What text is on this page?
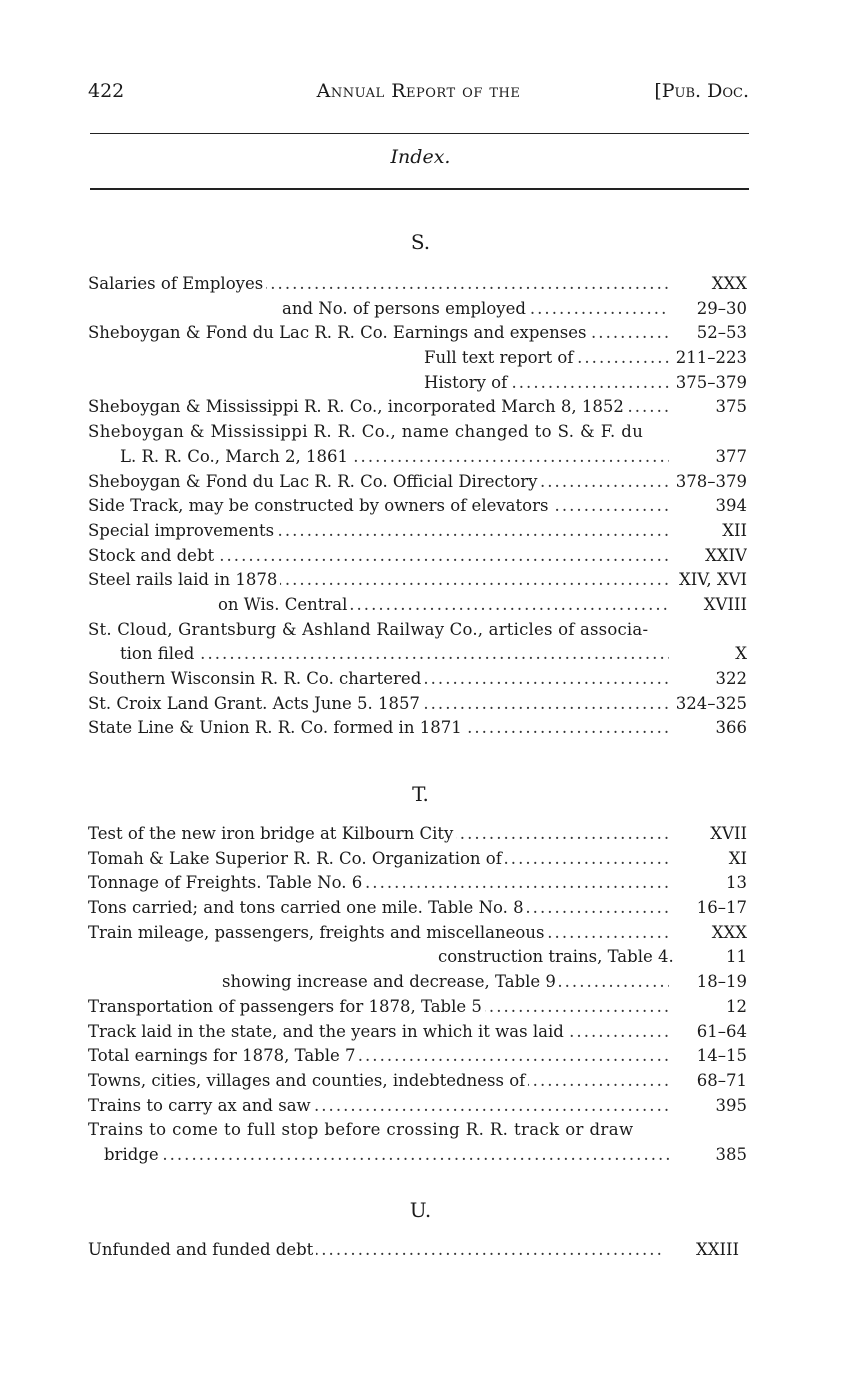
422	Annual Report of the	[Pub. Doc.
Index.
S.
Salaries of Employes . . .	XXX
and No. of persons employed . . .	29–30
Sheboygan & Fond du Lac R. R. Co. Earnings and expenses . . .	52–53
Full text report of . . .	211–223
History of . . .	375–379
Sheboygan & Mississippi R. R. Co., incorporated March 8, 1852 . . .	375
Sheboygan & Mississippi R. R. Co., name changed to S. & F. du
L. R. R. Co., March 2, 1861 . . .	377
Sheboygan & Fond du Lac R. R. Co. Official Directory . . .	378–379
Side Track, may be constructed by owners of elevators . . .	394
Special improvements . . .	XII
Stock and debt . . .	XXIV
Steel rails laid in 1878 . . .	XIV, XVI
on Wis. Central . . .	XVIII
St. Cloud, Grantsburg & Ashland Railway Co., articles of associa-
tion filed . . .	X
Southern Wisconsin R. R. Co. chartered . . .	322
St. Croix Land Grant. Acts June 5. 1857 . . .	324–325
State Line & Union R. R. Co. formed in 1871 . . .	366
T.
Test of the new iron bridge at Kilbourn City . . .	XVII
Tomah & Lake Superior R. R. Co. Organization of . . .	XI
Tonnage of Freights. Table No. 6 . . .	13
Tons carried; and tons carried one mile. Table No. 8 . . .	16–17
Train mileage, passengers, freights and miscellaneous . . .	XXX
construction trains, Table 4.	11
showing increase and decrease, Table 9 . . .	18–19
Transportation of passengers for 1878, Table 5 . . .	12
Track laid in the state, and the years in which it was laid . . .	61–64
Total earnings for 1878, Table 7 . . .	14–15
Towns, cities, villages and counties, indebtedness of . . .	68–71
Trains to carry ax and saw . . .	395
Trains to come to full stop before crossing R. R. track or draw
bridge . . .	385
U.
Unfunded and funded debt . . .	XXIII
